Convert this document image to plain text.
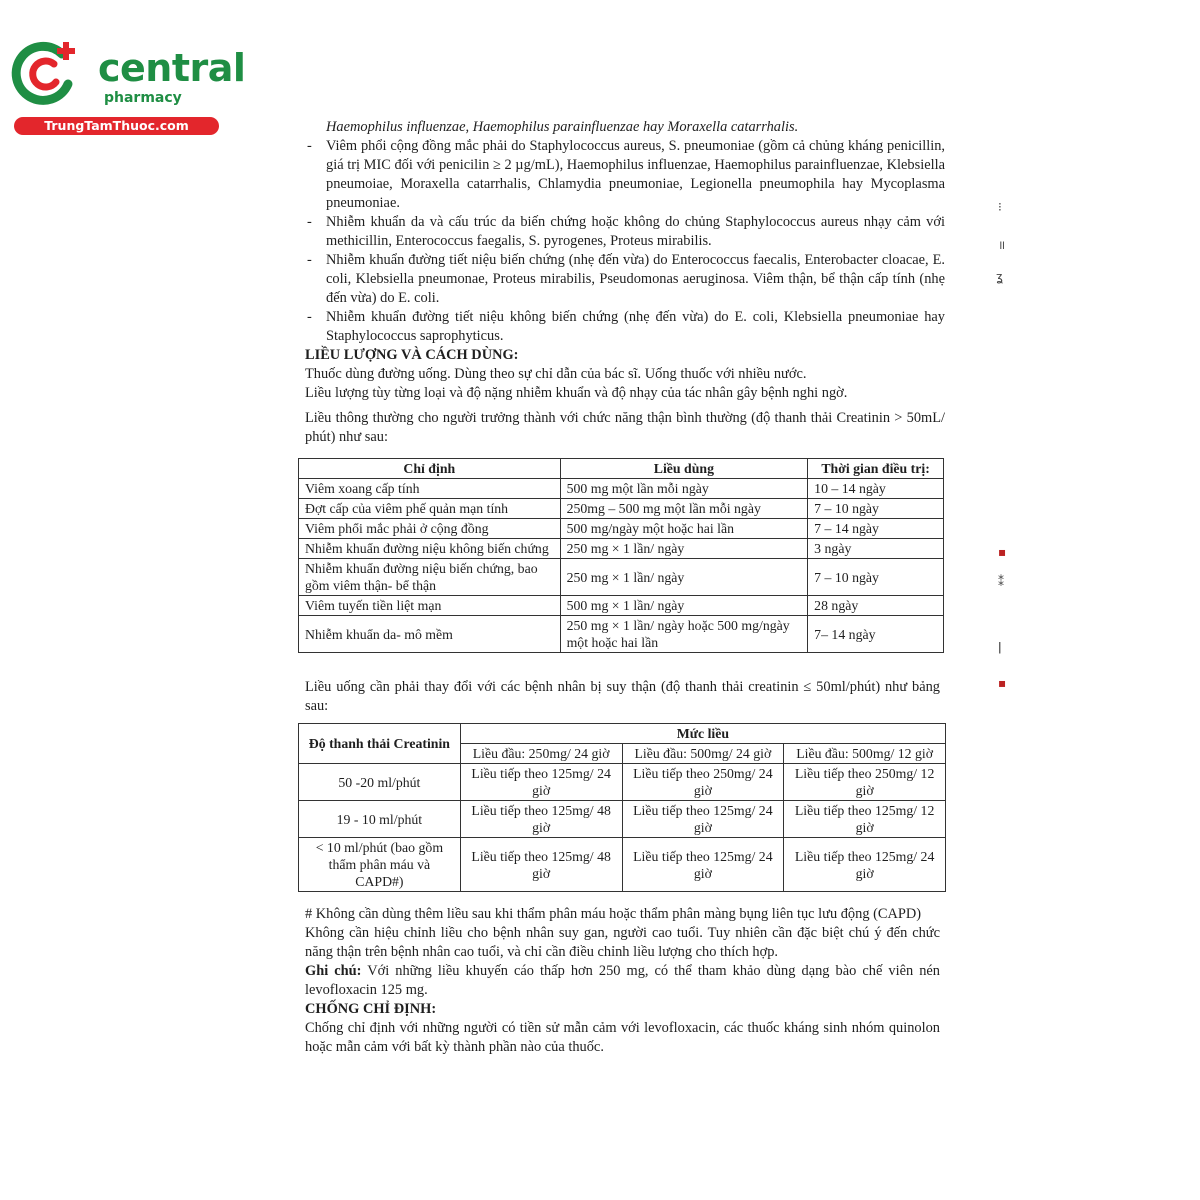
central
pharmacy
TrungTamThuoc.com
⁝
॥
ʓ
▪
⁑
ǀ
▪

Haemophilus influenzae, Haemophilus parainfluenzae hay Moraxella catarrhalis.

- Viêm phổi cộng đồng mắc phải do Staphylococcus aureus, S. pneumoniae (gồm cả chủng kháng penicillin, giá trị MIC đối với penicilin ≥ 2 µg/mL), Haemophilus influenzae, Haemophilus parainfluenzae, Klebsiella pneumoiae, Moraxella catarrhalis, Chlamydia pneumoniae, Legionella pneumophila hay Mycoplasma pneumoniae.

- Nhiễm khuẩn da và cấu trúc da biến chứng hoặc không do chủng Staphylococcus aureus nhạy cảm với methicillin, Enterococcus faegalis, S. pyrogenes, Proteus mirabilis.

- Nhiễm khuẩn đường tiết niệu biến chứng (nhẹ đến vừa) do Enterococcus faecalis, Enterobacter cloacae, E. coli, Klebsiella pneumonae, Proteus mirabilis, Pseudomonas aeruginosa. Viêm thận, bể thận cấp tính (nhẹ đến vừa) do E. coli.

- Nhiễm khuẩn đường tiết niệu không biến chứng (nhẹ đến vừa) do E. coli, Klebsiella pneumoniae hay Staphylococcus saprophyticus.

LIỀU LƯỢNG VÀ CÁCH DÙNG:

Thuốc dùng đường uống. Dùng theo sự chỉ dẫn của bác sĩ. Uống thuốc với nhiều nước.

Liều lượng tùy từng loại và độ nặng nhiễm khuẩn và độ nhạy của tác nhân gây bệnh nghi ngờ.

Liều thông thường cho người trưởng thành với chức năng thận bình thường (độ thanh thải Creatinin > 50mL/ phút) như sau:

Chỉ định	Liều dùng	Thời gian điều trị:
Viêm xoang cấp tính	500 mg một lần mỗi ngày	10 – 14 ngày
Đợt cấp của viêm phế quản mạn tính	250mg – 500 mg một lần mỗi ngày	7 – 10 ngày
Viêm phổi mắc phải ở cộng đồng	500 mg/ngày một hoặc hai lần	7 – 14 ngày
Nhiễm khuẩn đường niệu không biến chứng	250 mg × 1 lần/ ngày	3 ngày
Nhiễm khuẩn đường niệu biến chứng, bao gồm viêm thận- bể thận	250 mg × 1 lần/ ngày	7 – 10 ngày
Viêm tuyến tiền liệt mạn	500 mg × 1 lần/ ngày	28 ngày
Nhiễm khuẩn da- mô mềm	250 mg × 1 lần/ ngày hoặc 500 mg/ngày một hoặc hai lần	7– 14 ngày

Liều uống cần phải thay đổi với các bệnh nhân bị suy thận (độ thanh thải creatinin ≤ 50ml/phút) như bảng sau:

Độ thanh thải Creatinin	Mức liều		
	Liều đầu: 250mg/ 24 giờ	Liều đầu: 500mg/ 24 giờ	Liều đầu: 500mg/ 12 giờ
50 -20 ml/phút	Liều tiếp theo 125mg/ 24 giờ	Liều tiếp theo 250mg/ 24 giờ	Liều tiếp theo 250mg/ 12 giờ
19 - 10 ml/phút	Liều tiếp theo 125mg/ 48 giờ	Liều tiếp theo 125mg/ 24 giờ	Liều tiếp theo 125mg/ 12 giờ
< 10 ml/phút (bao gồm thẩm phân máu và CAPD#)	Liều tiếp theo 125mg/ 48 giờ	Liều tiếp theo 125mg/ 24 giờ	Liều tiếp theo 125mg/ 24 giờ

# Không cần dùng thêm liều sau khi thẩm phân máu hoặc thẩm phân màng bụng liên tục lưu động (CAPD)

Không cần hiệu chỉnh liều cho bệnh nhân suy gan, người cao tuổi. Tuy nhiên cần đặc biệt chú ý đến chức năng thận trên bệnh nhân cao tuổi, và chỉ cần điều chỉnh liều lượng cho thích hợp.

Ghi chú: Với những liều khuyến cáo thấp hơn 250 mg, có thể tham khảo dùng dạng bào chế viên nén levofloxacin 125 mg.

CHỐNG CHỈ ĐỊNH:

Chống chỉ định với những người có tiền sử mẫn cảm với levofloxacin, các thuốc kháng sinh nhóm quinolon hoặc mẫn cảm với bất kỳ thành phần nào của thuốc.
